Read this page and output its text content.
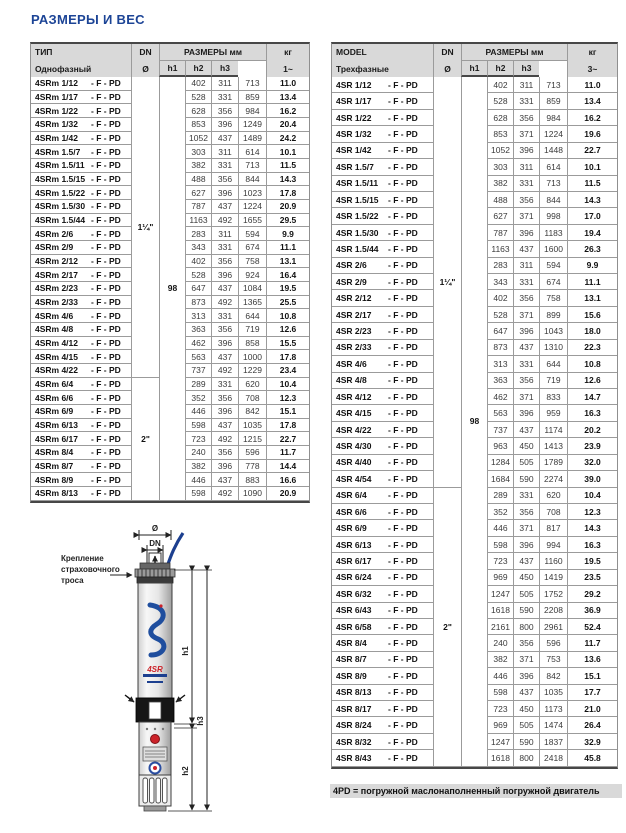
РАЗМЕРЫ И ВЕС
ТИП
Однофазный

DN
Ø
	РАЗМЕРЫ мм	кг
1~

		h1	h2	h3		
4SRm 1/12 - F - PD	1¼"	98	402	311	713	11.0
4SRm 1/17 - F - PD			528	331	859	13.4
4SRm 1/22 - F - PD			628	356	984	16.2
4SRm 1/32 - F - PD			853	396	1249	20.4
4SRm 1/42 - F - PD			1052	437	1489	24.2
4SRm 1.5/7 - F - PD			303	311	614	10.1
4SRm 1.5/11 - F - PD			382	331	713	11.5
4SRm 1.5/15 - F - PD			488	356	844	14.3
4SRm 1.5/22 - F - PD			627	396	1023	17.8
4SRm 1.5/30 - F - PD			787	437	1224	20.9
4SRm 1.5/44 - F - PD			1163	492	1655	29.5
4SRm 2/6 - F - PD			283	311	594	9.9
4SRm 2/9 - F - PD			343	331	674	11.1
4SRm 2/12 - F - PD			402	356	758	13.1
4SRm 2/17 - F - PD			528	396	924	16.4
4SRm 2/23 - F - PD			647	437	1084	19.5
4SRm 2/33 - F - PD			873	492	1365	25.5
4SRm 4/6 - F - PD			313	331	644	10.8
4SRm 4/8 - F - PD			363	356	719	12.6
4SRm 4/12 - F - PD			462	396	858	15.5
4SRm 4/15 - F - PD			563	437	1000	17.8
4SRm 4/22 - F - PD			737	492	1229	23.4
4SRm 6/4 - F - PD	2"		289	331	620	10.4
4SRm 6/6 - F - PD			352	356	708	12.3
4SRm 6/9 - F - PD			446	396	842	15.1
4SRm 6/13 - F - PD			598	437	1035	17.8
4SRm 6/17 - F - PD			723	492	1215	22.7
4SRm 8/4 - F - PD			240	356	596	11.7
4SRm 8/7 - F - PD			382	396	778	14.4
4SRm 8/9 - F - PD			446	437	883	16.6
4SRm 8/13 - F - PD			598	492	1090	20.9
MODEL
Трехфазные

DN
Ø
	РАЗМЕРЫ мм	кг
3~

		h1	h2	h3		
4SR 1/12 - F - PD	1¼"	98	402	311	713	11.0
4SR 1/17 - F - PD			528	331	859	13.4
4SR 1/22 - F - PD			628	356	984	16.2
4SR 1/32 - F - PD			853	371	1224	19.6
4SR 1/42 - F - PD			1052	396	1448	22.7
4SR 1.5/7 - F - PD			303	311	614	10.1
4SR 1.5/11 - F - PD			382	331	713	11.5
4SR 1.5/15 - F - PD			488	356	844	14.3
4SR 1.5/22 - F - PD			627	371	998	17.0
4SR 1.5/30 - F - PD			787	396	1183	19.4
4SR 1.5/44 - F - PD			1163	437	1600	26.3
4SR 2/6 - F - PD			283	311	594	9.9
4SR 2/9 - F - PD			343	331	674	11.1
4SR 2/12 - F - PD			402	356	758	13.1
4SR 2/17 - F - PD			528	371	899	15.6
4SR 2/23 - F - PD			647	396	1043	18.0
4SR 2/33 - F - PD			873	437	1310	22.3
4SR 4/6 - F - PD			313	331	644	10.8
4SR 4/8 - F - PD			363	356	719	12.6
4SR 4/12 - F - PD			462	371	833	14.7
4SR 4/15 - F - PD			563	396	959	16.3
4SR 4/22 - F - PD			737	437	1174	20.2
4SR 4/30 - F - PD			963	450	1413	23.9
4SR 4/40 - F - PD			1284	505	1789	32.0
4SR 4/54 - F - PD			1684	590	2274	39.0
4SR 6/4 - F - PD	2"		289	331	620	10.4
4SR 6/6 - F - PD			352	356	708	12.3
4SR 6/9 - F - PD			446	371	817	14.3
4SR 6/13 - F - PD			598	396	994	16.3
4SR 6/17 - F - PD			723	437	1160	19.5
4SR 6/24 - F - PD			969	450	1419	23.5
4SR 6/32 - F - PD			1247	505	1752	29.2
4SR 6/43 - F - PD			1618	590	2208	36.9
4SR 6/58 - F - PD			2161	800	2961	52.4
4SR 8/4 - F - PD			240	356	596	11.7
4SR 8/7 - F - PD			382	371	753	13.6
4SR 8/9 - F - PD			446	396	842	15.1
4SR 8/13 - F - PD			598	437	1035	17.7
4SR 8/17 - F - PD			723	450	1173	21.0
4SR 8/24 - F - PD			969	505	1474	26.4
4SR 8/32 - F - PD			1247	590	1837	32.9
4SR 8/43 - F - PD			1618	800	2418	45.8
Ø
DN
4SR
h1
h2
h3
Крепление страховочного троса
4PD = погружной маслонаполненный погружной двигатель
